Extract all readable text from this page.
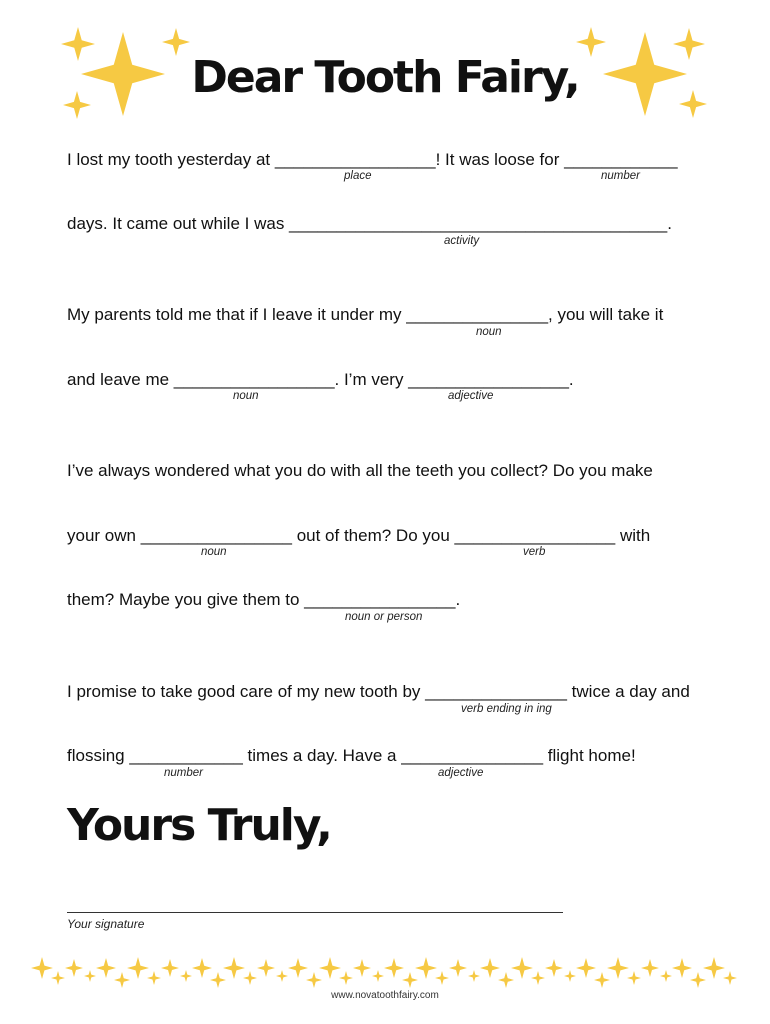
Dear Tooth Fairy,
I lost my tooth yesterday at _________________! It was loose for ____________
place	number
days. It came out while I was ________________________________________.
activity
My parents told me that if I leave it under my _______________, you will take it
noun
and leave me _________________. I’m very _________________.
noun	adjective
I’ve always wondered what you do with all the teeth you collect? Do you make
your own ________________ out of them? Do you _________________ with
noun	verb
them? Maybe you give them to ________________.
noun or person
I promise to take good care of my new tooth by _______________ twice a day and
verb ending in ing
flossing ____________ times a day. Have a _______________ flight home!
number	adjective
Yours Truly,
Your signature
www.novatoothfairy.com
